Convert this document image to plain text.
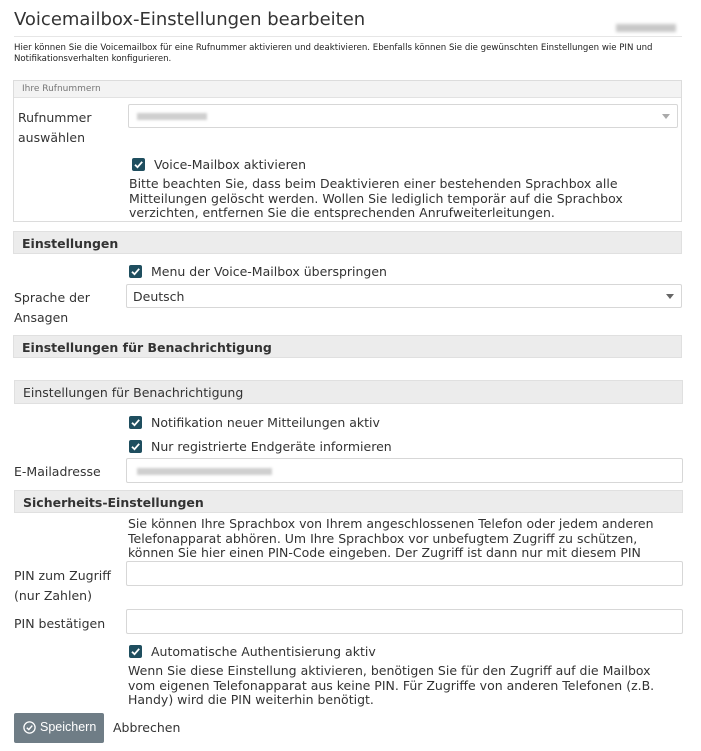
Voicemailbox-Einstellungen bearbeiten
Hier können Sie die Voicemailbox für eine Rufnummer aktivieren und deaktivieren. Ebenfalls können Sie die gewünschten Einstellungen wie PIN und Notifikationsverhalten konfigurieren.
Ihre Rufnummern
Rufnummer
auswählen
Voice-Mailbox aktivieren
Bitte beachten Sie, dass beim Deaktivieren einer bestehenden Sprachbox alle Mitteilungen gelöscht werden. Wollen Sie lediglich temporär auf die Sprachbox verzichten, entfernen Sie die entsprechenden Anrufweiterleitungen.
Einstellungen
Menu der Voice-Mailbox überspringen
Sprache der
Ansagen
Deutsch
Einstellungen für Benachrichtigung
Einstellungen für Benachrichtigung
Notifikation neuer Mitteilungen aktiv
Nur registrierte Endgeräte informieren
E-Mailadresse
Sicherheits-Einstellungen
Sie können Ihre Sprachbox von Ihrem angeschlossenen Telefon oder jedem anderen Telefonapparat abhören. Um Ihre Sprachbox vor unbefugtem Zugriff zu schützen, können Sie hier einen PIN-Code eingeben. Der Zugriff ist dann nur mit diesem PIN
PIN zum Zugriff
(nur Zahlen)
PIN bestätigen
Automatische Authentisierung aktiv
Wenn Sie diese Einstellung aktivieren, benötigen Sie für den Zugriff auf die Mailbox vom eigenen Telefonapparat aus keine PIN. Für Zugriffe von anderen Telefonen (z.B. Handy) wird die PIN weiterhin benötigt.
Speichern Abbrechen
